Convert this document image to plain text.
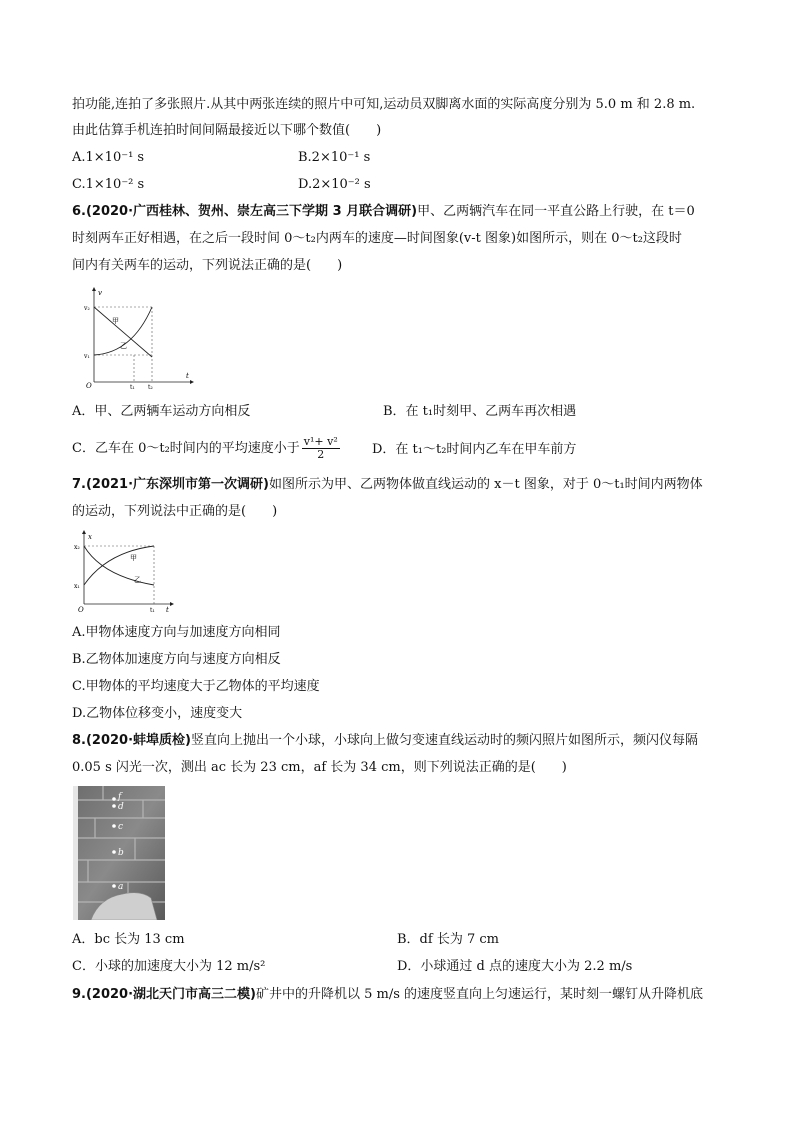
拍功能,连拍了多张照片.从其中两张连续的照片中可知,运动员双脚离水面的实际高度分别为 5.0 m 和 2.8 m.
由此估算手机连拍时间间隔最接近以下哪个数值(　　)
A.1×10⁻¹ s	B.2×10⁻¹ s
C.1×10⁻² s	D.2×10⁻² s
6.(2020·广西桂林、贺州、崇左高三下学期 3 月联合调研)甲、乙两辆汽车在同一平直公路上行驶，在 t＝0
时刻两车正好相遇，在之后一段时间 0～t₂内两车的速度—时间图象(v-t 图象)如图所示，则在 0～t₂这段时
间内有关两车的运动，下列说法正确的是(　　)
v
t
O
v₂
v₁
t₁ t₂
甲
乙
A．甲、乙两辆车运动方向相反	B．在 t₁时刻甲、乙两车再次相遇
C．乙车在 0～t₂时间内的平均速度小于 $\frac{\text{v¹+ v²}}{2}$ D．在 t₁～t₂时间内乙车在甲车前方
7.(2021·广东深圳市第一次调研)如图所示为甲、乙两物体做直线运动的 x－t 图象，对于 0～t₁时间内两物体
的运动，下列说法中正确的是(　　)
x
t
O
x₂
x₁
t₁
甲
乙
A.甲物体速度方向与加速度方向相同
B.乙物体加速度方向与速度方向相反
C.甲物体的平均速度大于乙物体的平均速度
D.乙物体位移变小，速度变大
8.(2020·蚌埠质检)竖直向上抛出一个小球，小球向上做匀变速直线运动时的频闪照片如图所示，频闪仪每隔
0.05 s 闪光一次，测出 ac 长为 23 cm，af 长为 34 cm，则下列说法正确的是(　　)
f
d
c
b
a
A．bc 长为 13 cm	B．df 长为 7 cm
C．小球的加速度大小为 12 m/s²	D．小球通过 d 点的速度大小为 2.2 m/s
9.(2020·湖北天门市高三二模)矿井中的升降机以 5 m/s 的速度竖直向上匀速运行，某时刻一螺钉从升降机底
